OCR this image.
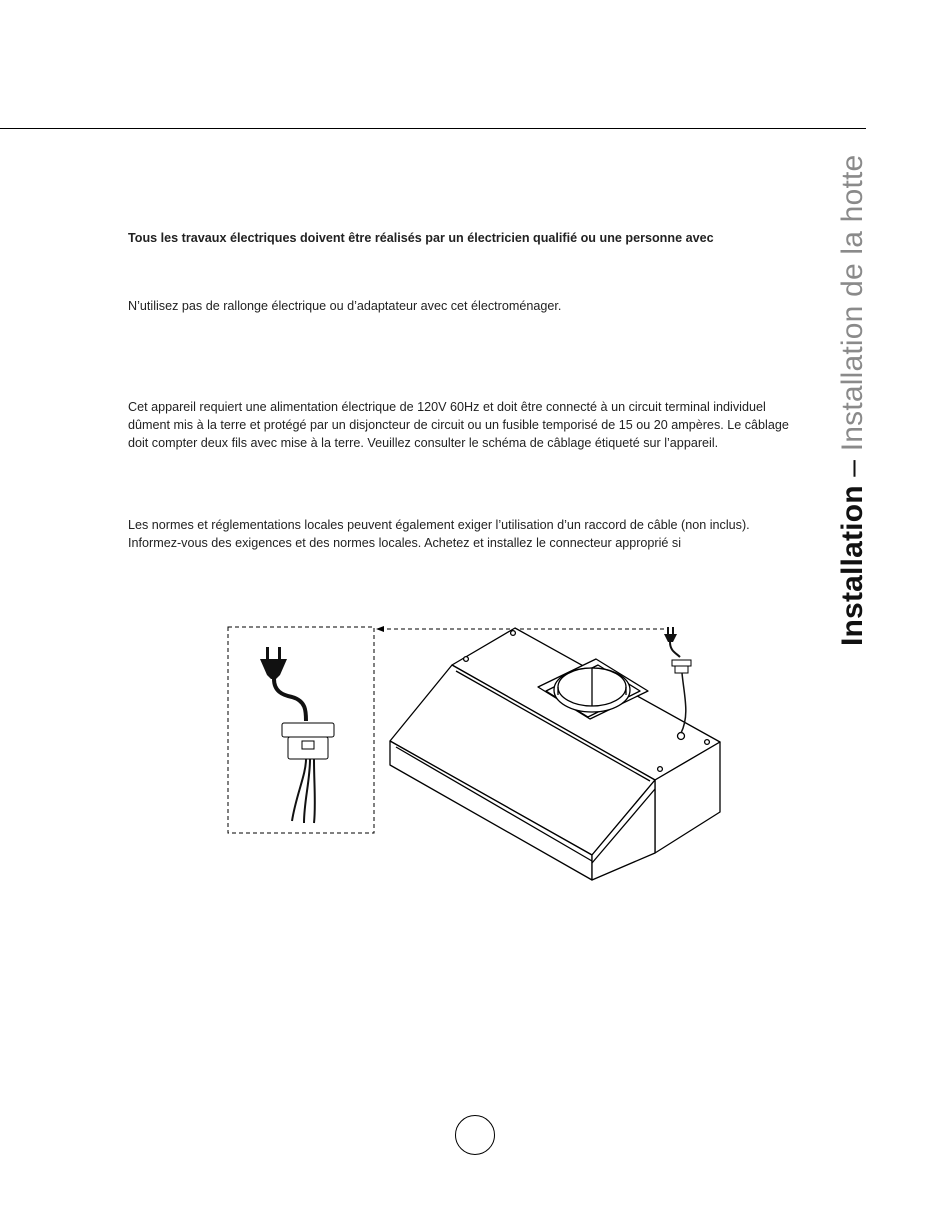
Installation – Installation de la hotte

Tous les travaux électriques doivent être réalisés par un électricien qualifié ou une personne avec

N’utilisez pas de rallonge électrique ou d’adaptateur avec cet électroménager.

Cet appareil requiert une alimentation électrique de 120V 60Hz et doit être connecté à un circuit terminal individuel dûment mis à la terre et protégé par un disjoncteur de circuit ou un fusible temporisé de 15 ou 20 ampères. Le câblage doit compter deux fils avec mise à la terre. Veuillez consulter le schéma de câblage étiqueté sur l’appareil.

Les normes et réglementations locales peuvent également exiger l’utilisation d’un raccord de câble (non inclus). Informez-vous des exigences et des normes locales. Achetez et installez le connecteur approprié si
